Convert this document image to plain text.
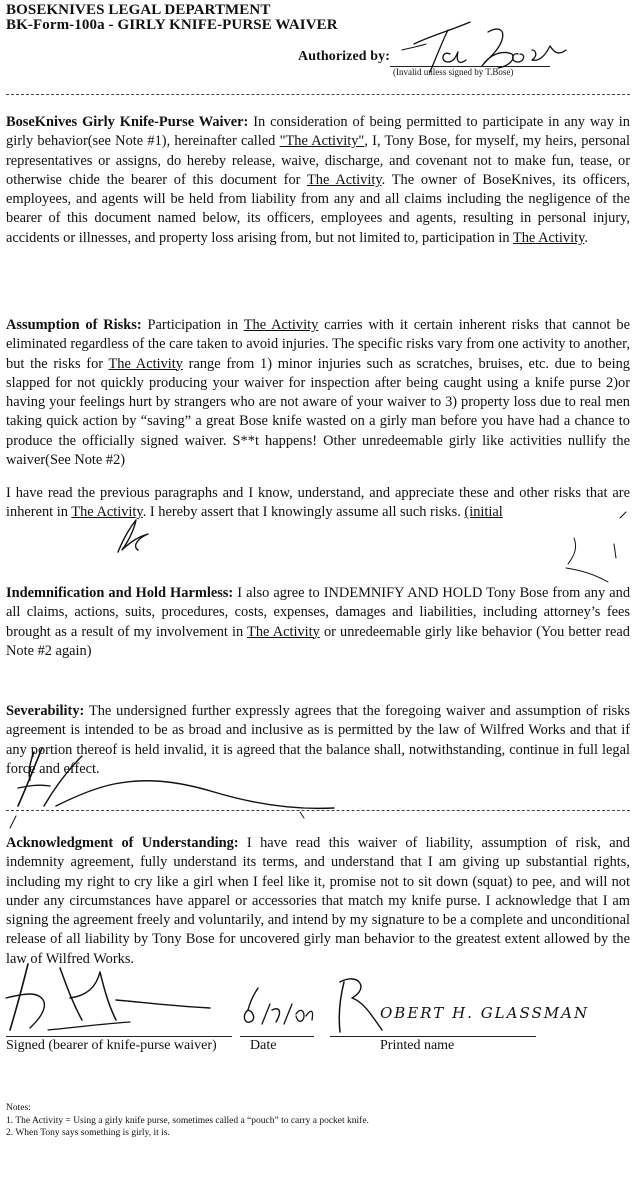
BOSEKNIVES LEGAL DEPARTMENT
BK-Form-100a - GIRLY KNIFE-PURSE WAIVER
Authorized by:
(Invalid unless signed by T.Bose)

BoseKnives Girly Knife-Purse Waiver: In consideration of being permitted to participate in any way in girly behavior(see Note #1), hereinafter called "The Activity", I, Tony Bose, for myself, my heirs, personal representatives or assigns, do hereby release, waive, discharge, and covenant not to make fun, tease, or otherwise chide the bearer of this document for The Activity. The owner of BoseKnives, its officers, employees, and agents will be held from liability from any and all claims including the negligence of the bearer of this document named below, its officers, employees and agents, resulting in personal injury, accidents or illnesses, and property loss arising from, but not limited to, participation in The Activity.

Assumption of Risks: Participation in The Activity carries with it certain inherent risks that cannot be eliminated regardless of the care taken to avoid injuries. The specific risks vary from one activity to another, but the risks for The Activity range from 1) minor injuries such as scratches, bruises, etc. due to being slapped for not quickly producing your waiver for inspection after being caught using a knife purse 2)or having your feelings hurt by strangers who are not aware of your waiver to 3) property loss due to real men taking quick action by “saving” a great Bose knife wasted on a girly man before you have had a chance to produce the officially signed waiver. S**t happens! Other unredeemable girly like activities nullify the waiver(See Note #2)

I have read the previous paragraphs and I know, understand, and appreciate these and other risks that are inherent in The Activity. I hereby assert that I knowingly assume all such risks. (initial

Indemnification and Hold Harmless: I also agree to INDEMNIFY AND HOLD Tony Bose from any and all claims, actions, suits, procedures, costs, expenses, damages and liabilities, including attorney’s fees brought as a result of my involvement in The Activity or unredeemable girly like behavior (You better read Note #2 again)

Severability: The undersigned further expressly agrees that the foregoing waiver and assumption of risks agreement is intended to be as broad and inclusive as is permitted by the law of Wilfred Works and that if any portion thereof is held invalid, it is agreed that the balance shall, notwithstanding, continue in full legal force and effect.

Acknowledgment of Understanding: I have read this waiver of liability, assumption of risk, and indemnity agreement, fully understand its terms, and understand that I am giving up substantial rights, including my right to cry like a girl when I feel like it, promise not to sit down (squat) to pee, and will not under any circumstances have apparel or accessories that match my knife purse. I acknowledge that I am signing the agreement freely and voluntarily, and intend by my signature to be a complete and unconditional release of all liability by Tony Bose for uncovered girly man behavior to the greatest extent allowed by the law of Wilfred Works.

OBERT H. GLASSMAN
Signed (bearer of knife-purse waiver) Date	Printed name
Notes:
1. The Activity = Using a girly knife purse, sometimes called a “pouch” to carry a pocket knife.
2. When Tony says something is girly, it is.
